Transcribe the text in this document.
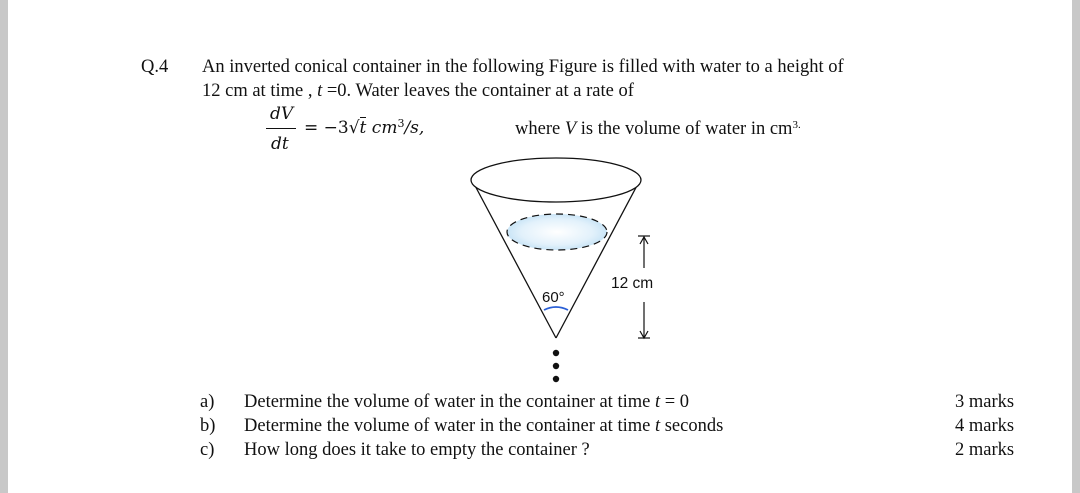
Q.4 An inverted conical container in the following Figure is filled with water to a height of
12 cm at time , t =0. Water leaves the container at a rate of
dV
dt
= −3√t $cm^3/s$,	where V is the volume of water in $cm^{3.}$
60°
12 cm
a) Determine the volume of water in the container at time t = 0	3 marks
b) Determine the volume of water in the container at time t seconds	4 marks
c) How long does it take to empty the container ?	2 marks
